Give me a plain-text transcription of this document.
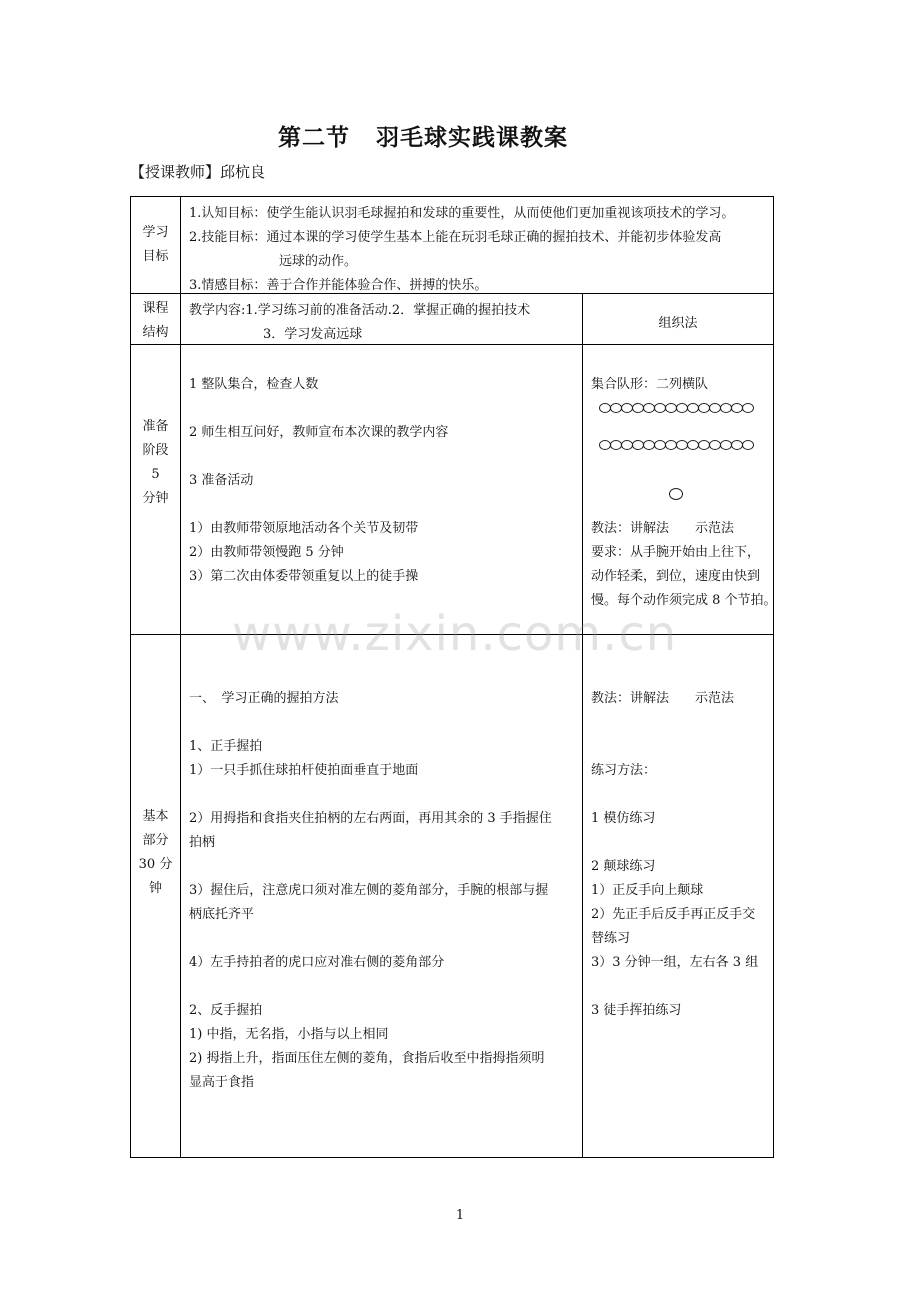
第二节 羽毛球实践课教案
【授课教师】邱杭良
学习
目标
1.认知目标：使学生能认识羽毛球握拍和发球的重要性，从而使他们更加重视该项技术的学习。
2.技能目标：通过本课的学习使学生基本上能在玩羽毛球正确的握拍技术、并能初步体验发高
远球的动作。
3.情感目标：善于合作并能体验合作、拼搏的快乐。
课程
结构
教学内容:1.学习练习前的准备活动.2．掌握正确的握拍技术
3．学习发高远球
组织法
准备
阶段
5
分钟
1 整队集合，检查人数
2 师生相互问好，教师宣布本次课的教学内容
3 准备活动
1）由教师带领原地活动各个关节及韧带
2）由教师带领慢跑 5 分钟
3）第二次由体委带领重复以上的徒手操
集合队形：二列横队
教法：讲解法　　示范法
要求：从手腕开始由上往下，
动作轻柔，到位，速度由快到
慢。每个动作须完成 8 个节拍。
基本
部分
30 分
钟
一、　学习正确的握拍方法
1、正手握拍
1）一只手抓住球拍杆使拍面垂直于地面
2）用拇指和食指夹住拍柄的左右两面，再用其余的 3 手指握住
拍柄
3）握住后，注意虎口须对准左侧的菱角部分，手腕的根部与握
柄底托齐平
4）左手持拍者的虎口应对准右侧的菱角部分
2、反手握拍
1) 中指，无名指，小指与以上相同
2) 拇指上升，指面压住左侧的菱角，食指后收至中指拇指须明
显高于食指
教法：讲解法　　示范法
练习方法：
1 模仿练习
2 颠球练习
1）正反手向上颠球
2）先正手后反手再正反手交
替练习
3）3 分钟一组，左右各 3 组
3 徒手挥拍练习
www.zixin.com.cn
1
